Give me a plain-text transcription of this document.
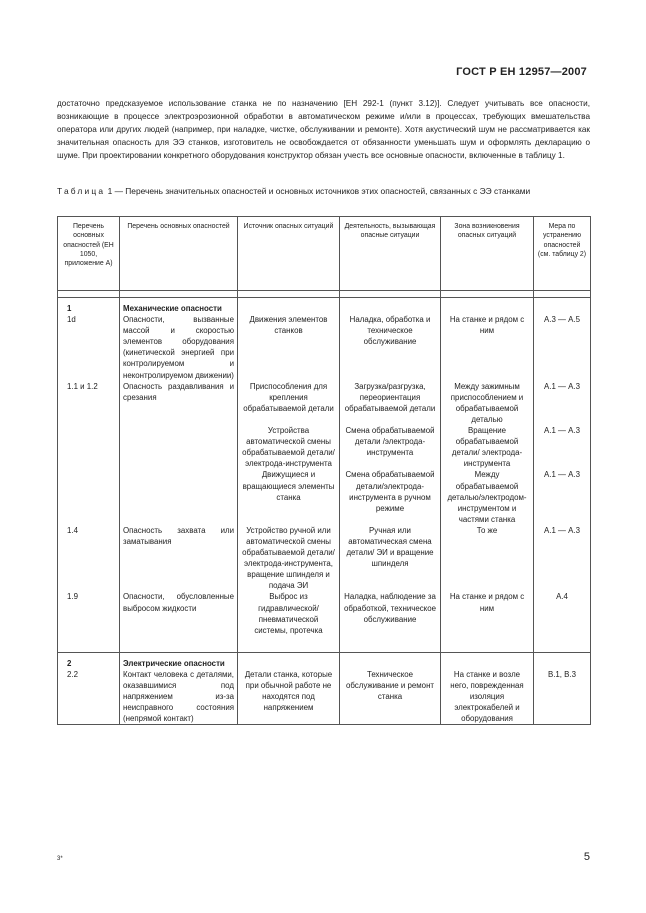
ГОСТ Р ЕН 12957—2007
достаточно предсказуемое использование станка не по назначению [ЕН 292-1 (пункт 3.12)]. Следует учитывать все опасности, возникающие в процессе электроэрозионной обработки в автоматическом режиме и/или в процессах, требующих вмешательства оператора или других людей (например, при наладке, чистке, обслуживании и ремонте). Хотя акустический шум не рассматривается как значительная опасность для ЭЭ станков, изготовитель не освобождается от обязанности уменьшать шум и оформлять декларацию о шуме. При проектировании конкретного оборудования конструктор обязан учесть все основные опасности, включенные в таблицу 1.
Таблица 1 — Перечень значительных опасностей и основных источников этих опасностей, связанных с ЭЭ станками
Перечень основных опасностей (ЕН 1050, приложение А)	Перечень основных опасностей	Источник опасных ситуаций	Деятельность, вызывающая опасные ситуации	Зона возникновения опасных ситуаций	Мера по устранению опасностей (см. таблицу 2)

1	Механические опасности				
1d	Опасности, вызванные массой и скоростью элементов оборудования (кинетической энергией при контролируемом и неконтролируемом движении)	Движения элементов станков	Наладка, обработка и техническое обслуживание	На станке и рядом с ним	А.3 — А.5
1.1 и 1.2	Опасность раздавливания и срезания	Приспособления для крепления обрабатываемой детали	Загрузка/разгрузка, переориентация обрабатываемой детали	Между зажимным приспособлением и обрабатываемой деталью	А.1 — А.3
		Устройства автоматической смены обрабатываемой детали/ электрода-инструмента	Смена обрабатываемой детали /электрода-инструмента	Вращение обрабатываемой детали/ электрода-инструмента	А.1 — А.3
		Движущиеся и вращающиеся элементы станка	Смена обрабатываемой детали/электрода-инструмента в ручном режиме	Между обрабатываемой деталью/электродом-инструментом и частями станка	А.1 — А.3
1.4	Опасность захвата или заматывания	Устройство ручной или автоматической смены обрабатываемой детали/ электрода-инструмента, вращение шпинделя и подача ЭИ	Ручная или автоматическая смена детали/ ЭИ и вращение шпинделя	То же	А.1 — А.3
1.9	Опасности, обусловленные выбросом жидкости	Выброс из гидравлической/пневматической системы, протечка	Наладка, наблюдение за обработкой, техническое обслуживание	На станке и рядом с ним	А.4

2	Электрические опасности				
2.2	Контакт человека с деталями, оказавшимися под напряжением из-за неисправного состояния (непрямой контакт)	Детали станка, которые при обычной работе не находятся под напряжением	Техническое обслуживание и ремонт станка	На станке и возле него, поврежденная изоляция электрокабелей и оборудования	В.1, В.3
3*	5
